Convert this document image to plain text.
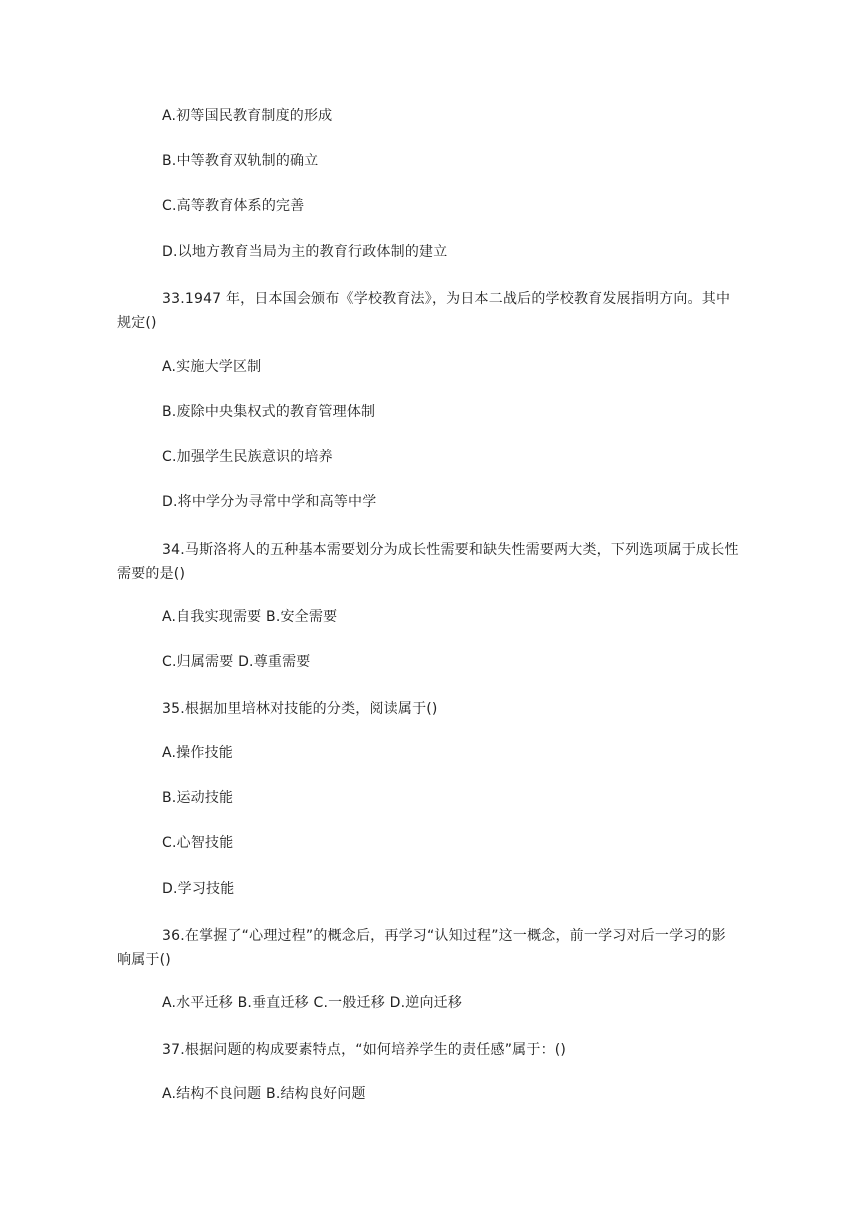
A.初等国民教育制度的形成
B.中等教育双轨制的确立
C.高等教育体系的完善
D.以地方教育当局为主的教育行政体制的建立
33.1947 年，日本国会颁布《学校教育法》，为日本二战后的学校教育发展指明方向。其中规定()
A.实施大学区制
B.废除中央集权式的教育管理体制
C.加强学生民族意识的培养
D.将中学分为寻常中学和高等中学
34.马斯洛将人的五种基本需要划分为成长性需要和缺失性需要两大类，下列选项属于成长性需要的是()
A.自我实现需要 B.安全需要
C.归属需要 D.尊重需要
35.根据加里培林对技能的分类，阅读属于()
A.操作技能
B.运动技能
C.心智技能
D.学习技能
36.在掌握了“心理过程”的概念后，再学习“认知过程”这一概念，前一学习对后一学习的影响属于()
A.水平迁移 B.垂直迁移 C.一般迁移 D.逆向迁移
37.根据问题的构成要素特点，“如何培养学生的责任感”属于：()
A.结构不良问题 B.结构良好问题
